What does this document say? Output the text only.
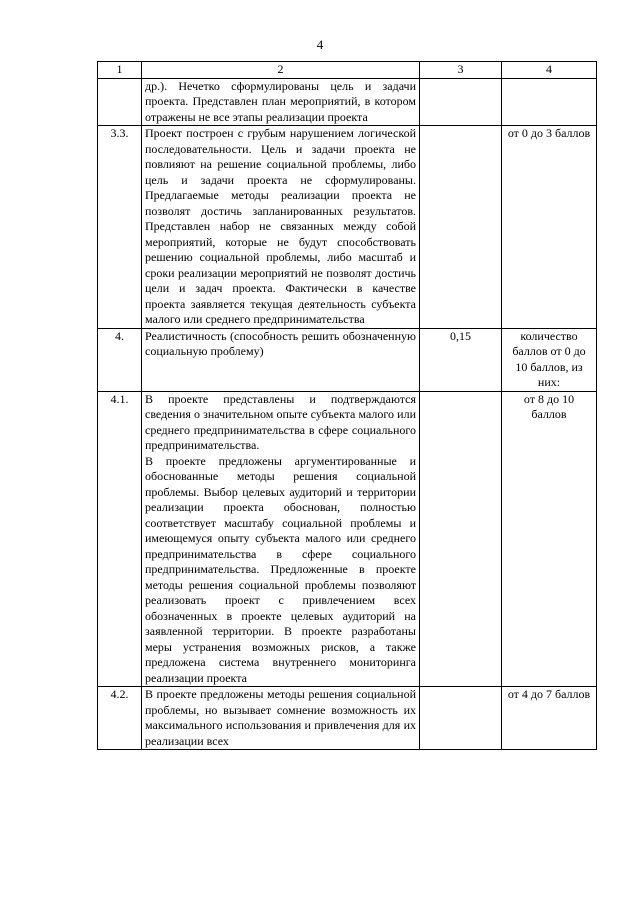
4
1	2	3	4

	др.). Нечетко сформулированы цель и задачи проекта. Представлен план мероприятий, в котором отражены не все этапы реализации проекта		

3.3.	Проект построен с грубым нарушением логической последовательности. Цель и задачи проекта не повлияют на решение социальной проблемы, либо цель и задачи проекта не сформулированы. Предлагаемые методы реализации проекта не позволят достичь запланированных результатов. Представлен набор не связанных между собой мероприятий, которые не будут способствовать решению социальной проблемы, либо масштаб и сроки реализации мероприятий не позволят достичь цели и задач проекта. Фактически в качестве проекта заявляется текущая деятельность субъекта малого или среднего предпринимательства		от 0 до 3 баллов
4.	Реалистичность (способность решить обозначенную социальную проблему)	0,15	количество баллов от 0 до 10 баллов, из них:
4.1.	В проекте представлены и подтверждаются сведения о значительном опыте субъекта малого или среднего предпринимательства в сфере социального предпринимательства.

В проекте предложены аргументированные и обоснованные методы решения социальной проблемы. Выбор целевых аудиторий и территории реализации проекта обоснован, полностью соответствует масштабу социальной проблемы и имеющемуся опыту субъекта малого или среднего предпринимательства в сфере социального предпринимательства. Предложенные в проекте методы решения социальной проблемы позволяют реализовать проект с привлечением всех обозначенных в проекте целевых аудиторий на заявленной территории. В проекте разработаны меры устранения возможных рисков, а также предложена система внутреннего мониторинга реализации проекта		от 8 до 10 баллов
4.2.	В проекте предложены методы решения социальной проблемы, но вызывает сомнение возможность их максимального использования и привлечения для их реализации всех		от 4 до 7 баллов
